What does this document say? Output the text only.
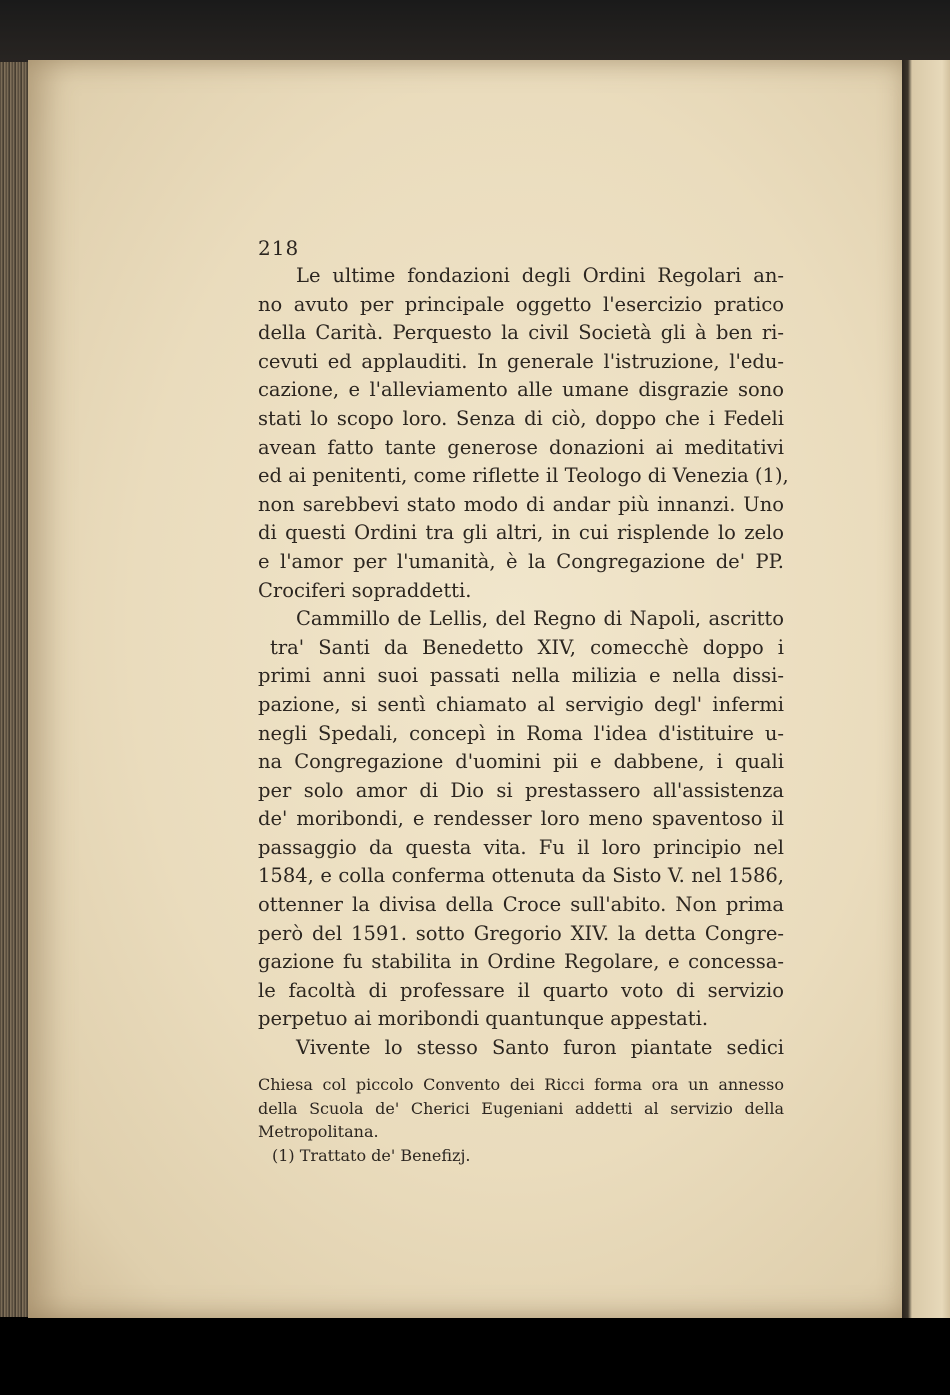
218
Le ultime fondazioni degli Ordini Regolari an-
no avuto per principale oggetto l'esercizio pratico
della Carità. Perquesto la civil Società gli à ben ri-
cevuti ed applauditi. In generale l'istruzione, l'edu-
cazione, e l'alleviamento alle umane disgrazie sono
stati lo scopo loro. Senza di ciò, doppo che i Fedeli
avean fatto tante generose donazioni ai meditativi
ed ai penitenti, come riflette il Teologo di Venezia (1),
non sarebbevi stato modo di andar più innanzi. Uno
di questi Ordini tra gli altri, in cui risplende lo zelo
e l'amor per l'umanità, è la Congregazione de' PP.
Crociferi sopraddetti.
Cammillo de Lellis, del Regno di Napoli, ascritto
tra' Santi da Benedetto XIV, comecchè doppo i
primi anni suoi passati nella milizia e nella dissi-
pazione, si sentì chiamato al servigio degl' infermi
negli Spedali, concepì in Roma l'idea d'istituire u-
na Congregazione d'uomini pii e dabbene, i quali
per solo amor di Dio si prestassero all'assistenza
de' moribondi, e rendesser loro meno spaventoso il
passaggio da questa vita. Fu il loro principio nel
1584, e colla conferma ottenuta da Sisto V. nel 1586,
ottenner la divisa della Croce sull'abito. Non prima
però del 1591. sotto Gregorio XIV. la detta Congre-
gazione fu stabilita in Ordine Regolare, e concessa-
le facoltà di professare il quarto voto di servizio
perpetuo ai moribondi quantunque appestati.
Vivente lo stesso Santo furon piantate sedici
Chiesa col piccolo Convento dei Ricci forma ora un annesso
della Scuola de' Cherici Eugeniani addetti al servizio della
Metropolitana.
(1) Trattato de' Benefizj.
